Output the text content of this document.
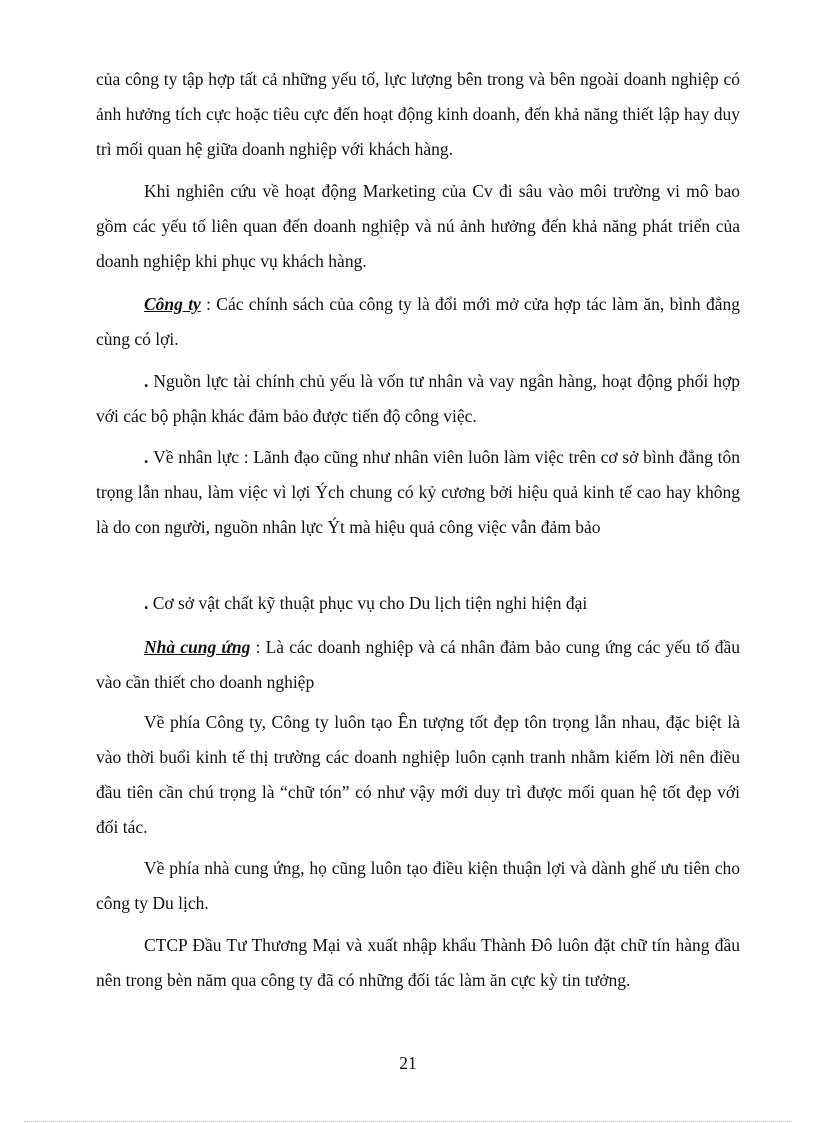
của công ty tập hợp tất cả những yếu tố, lực lượng bên trong và bên ngoài doanh nghiệp có ảnh hưởng tích cực hoặc tiêu cực đến hoạt động kinh doanh, đến khả năng thiết lập hay duy trì mối quan hệ giữa doanh nghiệp với khách hàng.

Khi nghiên cứu về hoạt động Marketing của Cv đi sâu vào môi trường vi mô bao gồm các yếu tố liên quan đến doanh nghiệp và nú ảnh hưởng đến khả năng phát triển của doanh nghiệp khi phục vụ khách hàng.

Công ty : Các chính sách của công ty là đổi mới mở cửa hợp tác làm ăn, bình đẳng cùng có lợi.

. Nguồn lực tài chính chủ yếu là vốn tư nhân và vay ngân hàng, hoạt động phối hợp với các bộ phận khác đảm bảo được tiến độ công việc.

. Về nhân lực : Lãnh đạo cũng như nhân viên luôn làm việc trên cơ sở bình đẳng tôn trọng lẫn nhau, làm việc vì lợi Ých chung có kỷ cương bởi hiệu quả kinh tế cao hay không là do con người, nguồn nhân lực Ýt mà hiệu quả công việc vẫn đảm bảo

. Cơ sở vật chất kỹ thuật phục vụ cho Du lịch tiện nghi hiện đại

Nhà cung ứng : Là các doanh nghiệp và cá nhân đảm bảo cung ứng các yếu tố đầu vào cần thiết cho doanh nghiệp

Về phía Công ty, Công ty luôn tạo Ên tượng tốt đẹp tôn trọng lẫn nhau, đặc biệt là vào thời buổi kinh tế thị trường các doanh nghiệp luôn cạnh tranh nhằm kiếm lời nên điều đầu tiên cần chú trọng là “chữ tón” có như vậy mới duy trì được mối quan hệ tốt đẹp với đối tác.

Về phía nhà cung ứng, họ cũng luôn tạo điều kiện thuận lợi và dành ghế ưu tiên cho công ty Du lịch.

CTCP Đầu Tư Thương Mại và xuất nhập khẩu Thành Đô luôn đặt chữ tín hàng đầu nên trong bèn năm qua công ty đã có những đối tác làm ăn cực kỳ tin tưởng.

21
